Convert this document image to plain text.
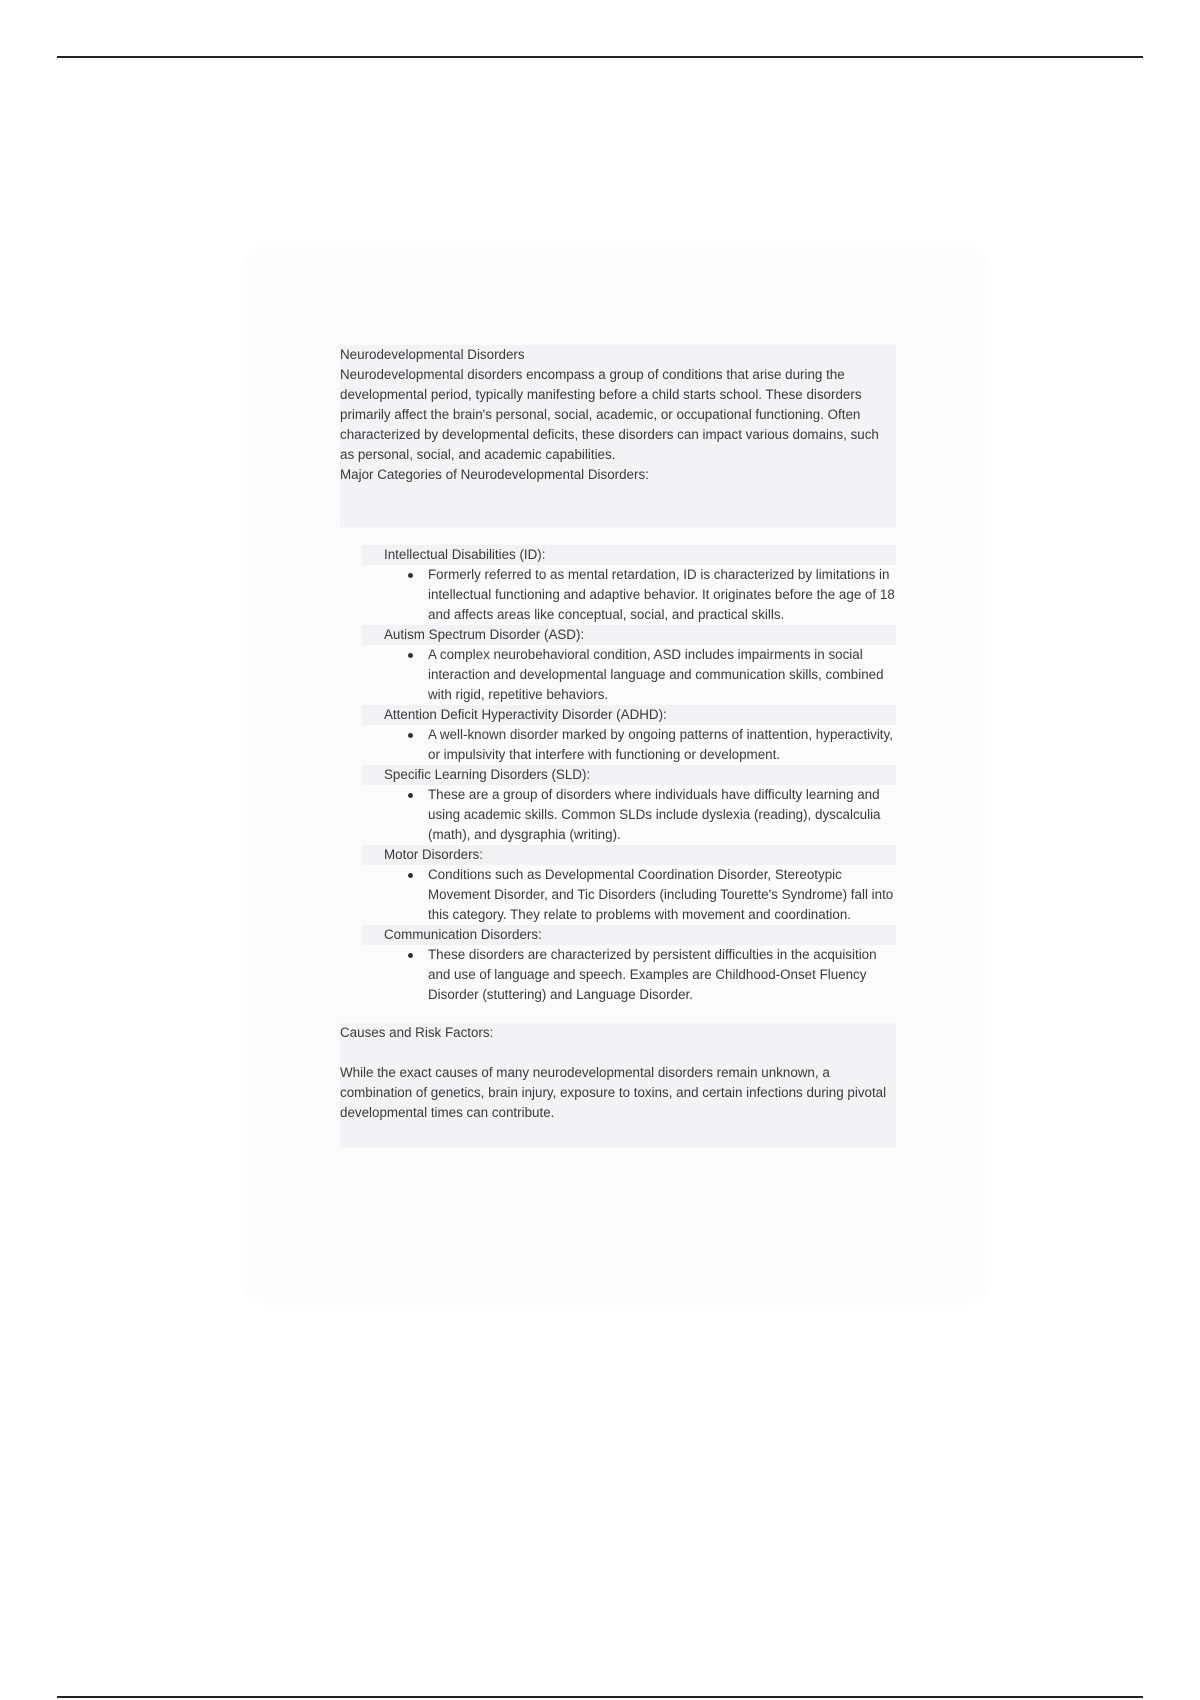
Neurodevelopmental Disorders

Neurodevelopmental disorders encompass a group of conditions that arise during the developmental period, typically manifesting before a child starts school. These disorders primarily affect the brain's personal, social, academic, or occupational functioning. Often characterized by developmental deficits, these disorders can impact various domains, such as personal, social, and academic capabilities.

Major Categories of Neurodevelopmental Disorders:

Intellectual Disabilities (ID):
Formerly referred to as mental retardation, ID is characterized by limitations in intellectual functioning and adaptive behavior. It originates before the age of 18 and affects areas like conceptual, social, and practical skills.
Autism Spectrum Disorder (ASD):
A complex neurobehavioral condition, ASD includes impairments in social interaction and developmental language and communication skills, combined with rigid, repetitive behaviors.
Attention Deficit Hyperactivity Disorder (ADHD):
A well-known disorder marked by ongoing patterns of inattention, hyperactivity, or impulsivity that interfere with functioning or development.
Specific Learning Disorders (SLD):
These are a group of disorders where individuals have difficulty learning and using academic skills. Common SLDs include dyslexia (reading), dyscalculia (math), and dysgraphia (writing).
Motor Disorders:
Conditions such as Developmental Coordination Disorder, Stereotypic Movement Disorder, and Tic Disorders (including Tourette's Syndrome) fall into this category. They relate to problems with movement and coordination.
Communication Disorders:
These disorders are characterized by persistent difficulties in the acquisition and use of language and speech. Examples are Childhood-Onset Fluency Disorder (stuttering) and Language Disorder.

Causes and Risk Factors:

While the exact causes of many neurodevelopmental disorders remain unknown, a combination of genetics, brain injury, exposure to toxins, and certain infections during pivotal developmental times can contribute.
